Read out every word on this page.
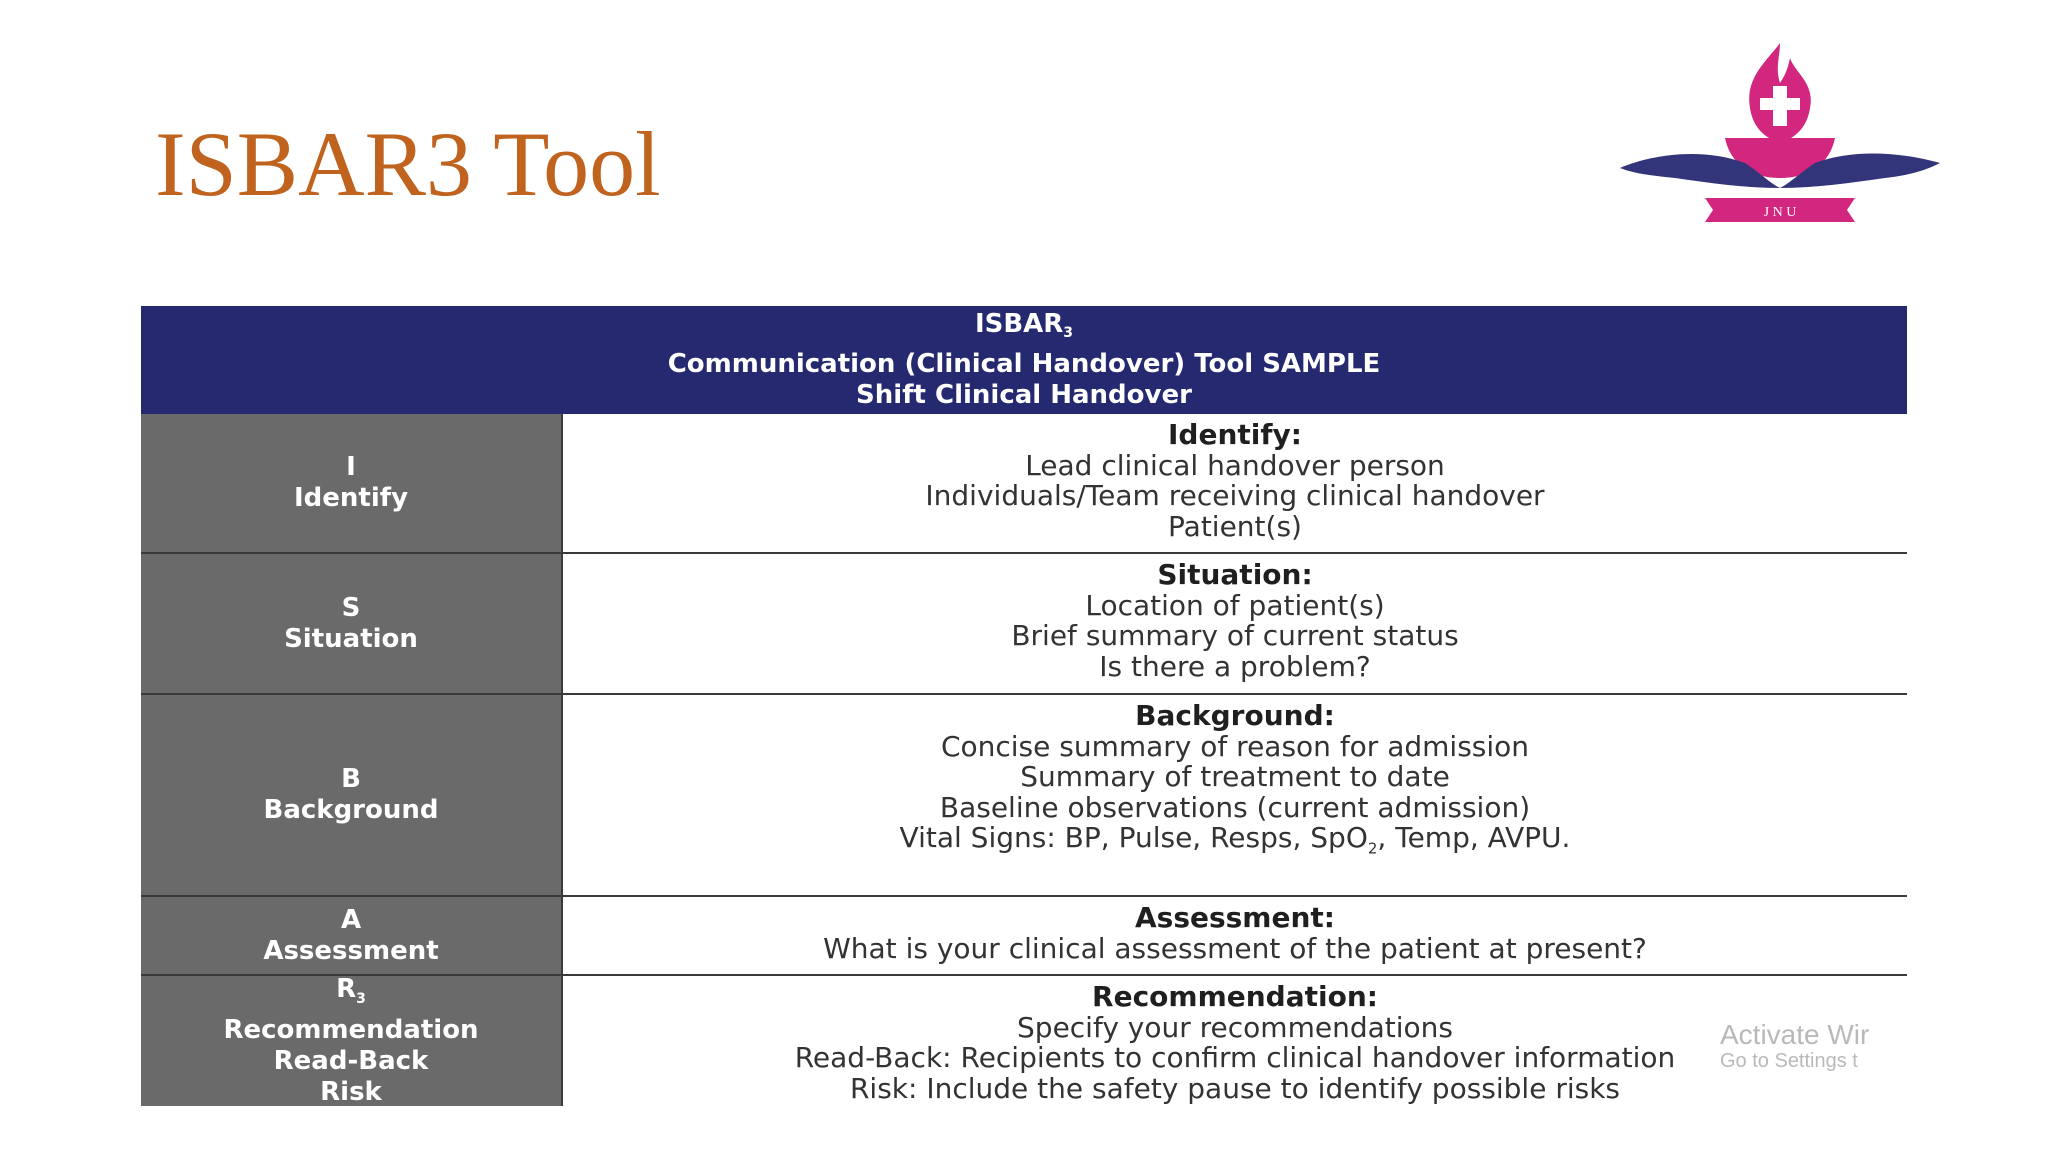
ISBAR3 Tool	J N U
$ISBAR_3$
Communication (Clinical Handover) Tool SAMPLE
Shift Clinical Handover
I
Identify
Identify:
Lead clinical handover person
Individuals/Team receiving clinical handover
Patient(s)
S
Situation
Situation:
Location of patient(s)
Brief summary of current status
Is there a problem?
B
Background
Background:
Concise summary of reason for admission
Summary of treatment to date
Baseline observations (current admission)
Vital Signs: BP, Pulse, Resps, SpO$_2$, Temp, AVPU.
A
Assessment
Assessment:
What is your clinical assessment of the patient at present?
$R_3$
Recommendation
Read-Back
Risk
Recommendation:
Specify your recommendations
Read-Back: Recipients to confirm clinical handover information
Risk: Include the safety pause to identify possible risks
Activate Wir
Go to Settings t
